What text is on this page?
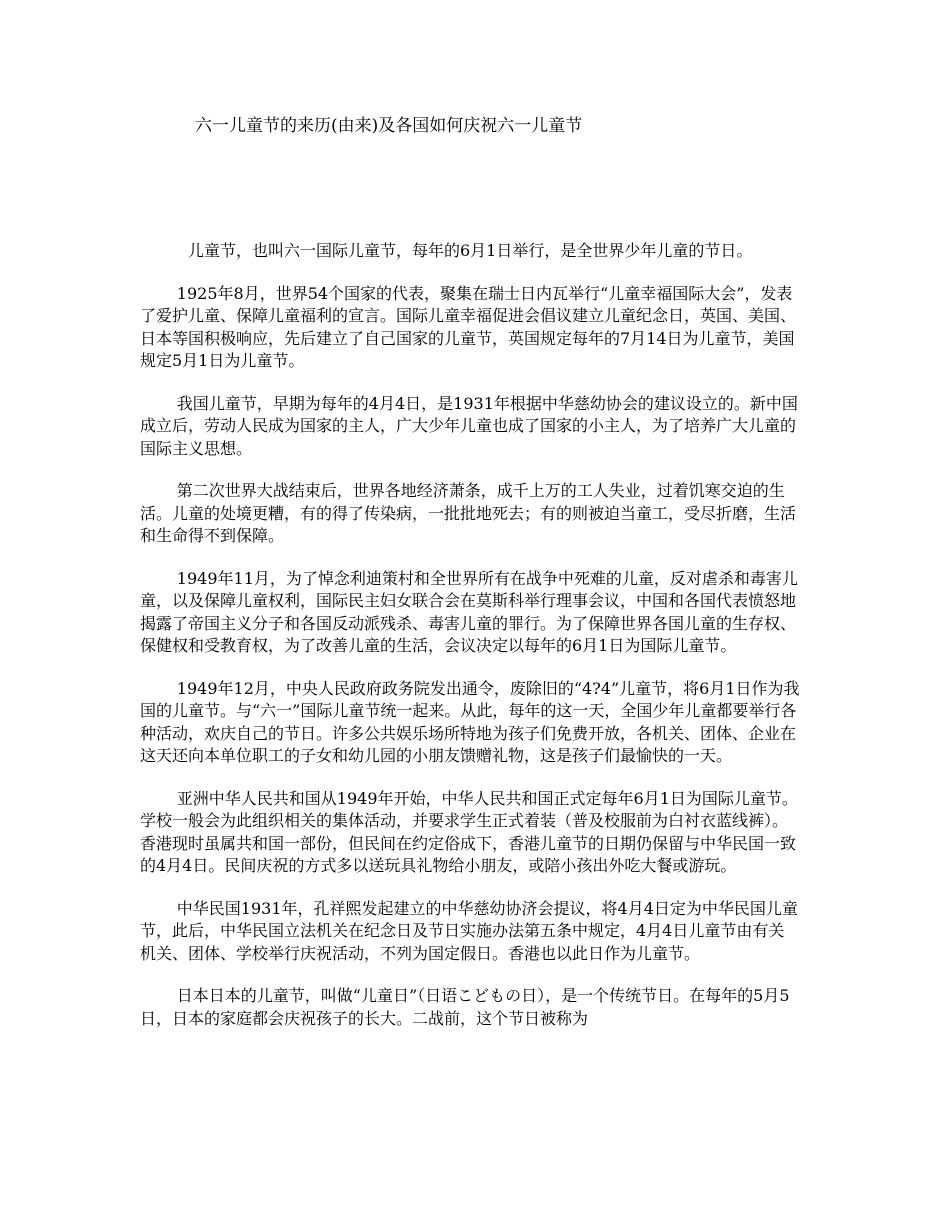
六一儿童节的来历(由来)及各国如何庆祝六一儿童节

儿童节，也叫六一国际儿童节，每年的6月1日举行，是全世界少年儿童的节日。

1925年8月，世界54个国家的代表，聚集在瑞士日内瓦举行“儿童幸福国际大会”，发表了爱护儿童、保障儿童福利的宣言。国际儿童幸福促进会倡议建立儿童纪念日，英国、美国、日本等国积极响应，先后建立了自己国家的儿童节，英国规定每年的7月14日为儿童节，美国规定5月1日为儿童节。

我国儿童节，早期为每年的4月4日，是1931年根据中华慈幼协会的建议设立的。新中国成立后，劳动人民成为国家的主人，广大少年儿童也成了国家的小主人，为了培养广大儿童的国际主义思想。

第二次世界大战结束后，世界各地经济萧条，成千上万的工人失业，过着饥寒交迫的生活。儿童的处境更糟，有的得了传染病，一批批地死去；有的则被迫当童工，受尽折磨，生活和生命得不到保障。

1949年11月，为了悼念利迪策村和全世界所有在战争中死难的儿童，反对虐杀和毒害儿童，以及保障儿童权利，国际民主妇女联合会在莫斯科举行理事会议，中国和各国代表愤怒地揭露了帝国主义分子和各国反动派残杀、毒害儿童的罪行。为了保障世界各国儿童的生存权、保健权和受教育权，为了改善儿童的生活，会议决定以每年的6月1日为国际儿童节。

1949年12月，中央人民政府政务院发出通令，废除旧的“4?4”儿童节，将6月1日作为我国的儿童节。与“六一”国际儿童节统一起来。从此，每年的这一天，全国少年儿童都要举行各种活动，欢庆自己的节日。许多公共娱乐场所特地为孩子们免费开放，各机关、团体、企业在这天还向本单位职工的子女和幼儿园的小朋友馈赠礼物，这是孩子们最愉快的一天。

亚洲中华人民共和国从1949年开始，中华人民共和国正式定每年6月1日为国际儿童节。学校一般会为此组织相关的集体活动，并要求学生正式着装（普及校服前为白衬衣蓝线裤）。香港现时虽属共和国一部份，但民间在约定俗成下，香港儿童节的日期仍保留与中华民国一致的4月4日。民间庆祝的方式多以送玩具礼物给小朋友，或陪小孩出外吃大餐或游玩。

中华民国1931年，孔祥熙发起建立的中华慈幼协济会提议，将4月4日定为中华民国儿童节，此后，中华民国立法机关在纪念日及节日实施办法第五条中规定，4月4日儿童节由有关机关、团体、学校举行庆祝活动，不列为国定假日。香港也以此日作为儿童节。

日本日本的儿童节，叫做“儿童日”（日语こどもの日），是一个传统节日。在每年的5月5日，日本的家庭都会庆祝孩子的长大。二战前，这个节日被称为
